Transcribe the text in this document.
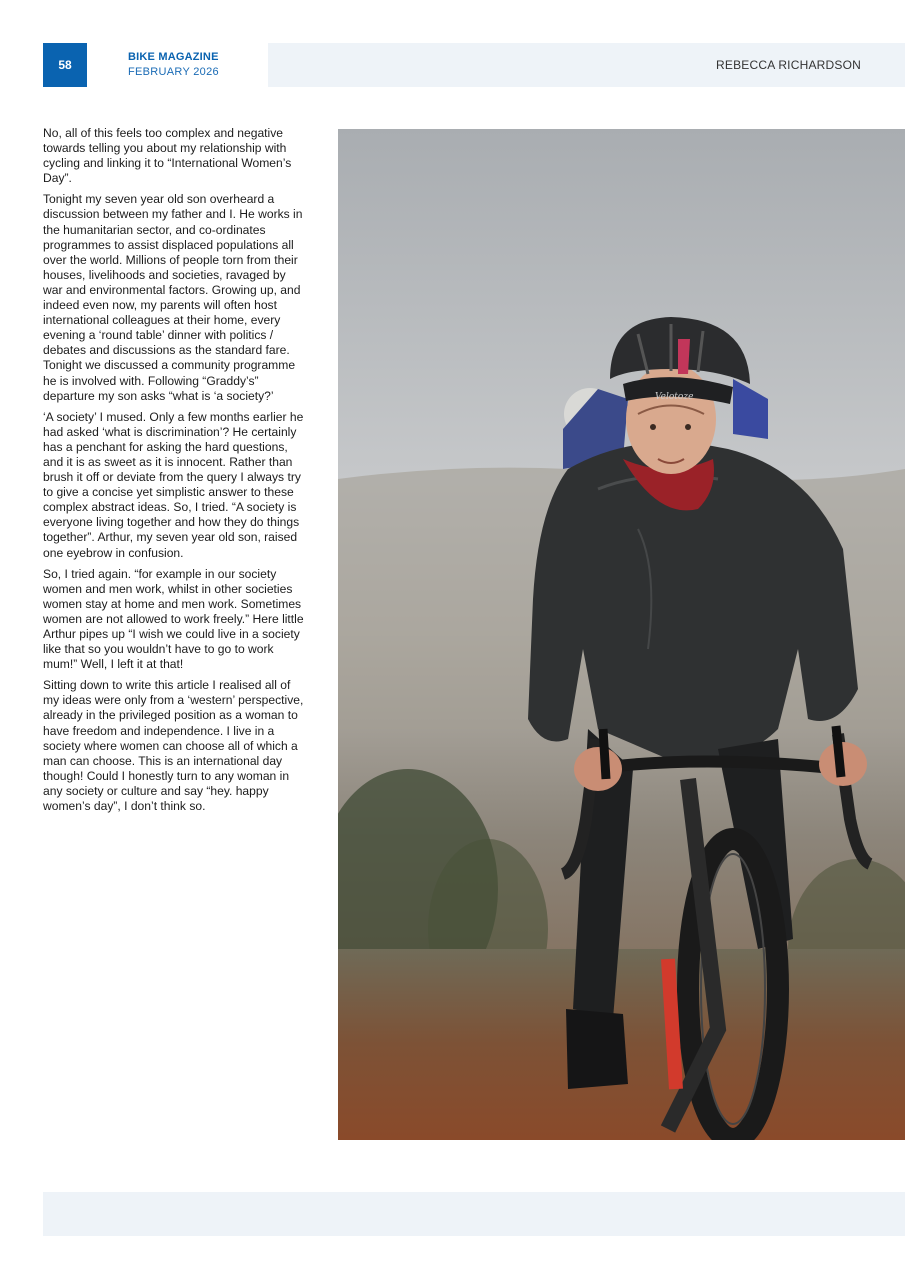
58
BIKE MAGAZINE
FEBRUARY 2026	REBECCA RICHARDSON

No, all of this feels too complex and negative towards telling you about my relationship with cycling and linking it to “International Women’s Day”.

Tonight my seven year old son overheard a discussion between my father and I. He works in the humanitarian sector, and co-ordinates programmes to assist displaced populations all over the world. Millions of people torn from their houses, livelihoods and societies, ravaged by war and environmental factors. Growing up, and indeed even now, my parents will often host international colleagues at their home, every evening a ‘round table’ dinner with politics / debates and discussions as the standard fare. Tonight we discussed a community programme he is involved with. Following “Graddy’s” departure my son asks “what is ‘a society?’

‘A society’ I mused. Only a few months earlier he had asked ‘what is discrimination’? He certainly has a penchant for asking the hard questions, and it is as sweet as it is innocent. Rather than brush it off or deviate from the query I always try to give a concise yet simplistic answer to these complex abstract ideas. So, I tried. “A society is everyone living together and how they do things together”. Arthur, my seven year old son, raised one eyebrow in confusion.

So, I tried again. “for example in our society women and men work, whilst in other societies women stay at home and men work. Sometimes women are not allowed to work freely.” Here little Arthur pipes up “I wish we could live in a society like that so you wouldn’t have to go to work mum!” Well, I left it at that!

Sitting down to write this article I realised all of my ideas were only from a ‘western’ perspective, already in the privileged position as a woman to have freedom and independence. I live in a society where women can choose all of which a man can choose. This is an international day though! Could I honestly turn to any woman in any society or culture and say “hey. happy women’s day”, I don’t think so.

Velotoze
